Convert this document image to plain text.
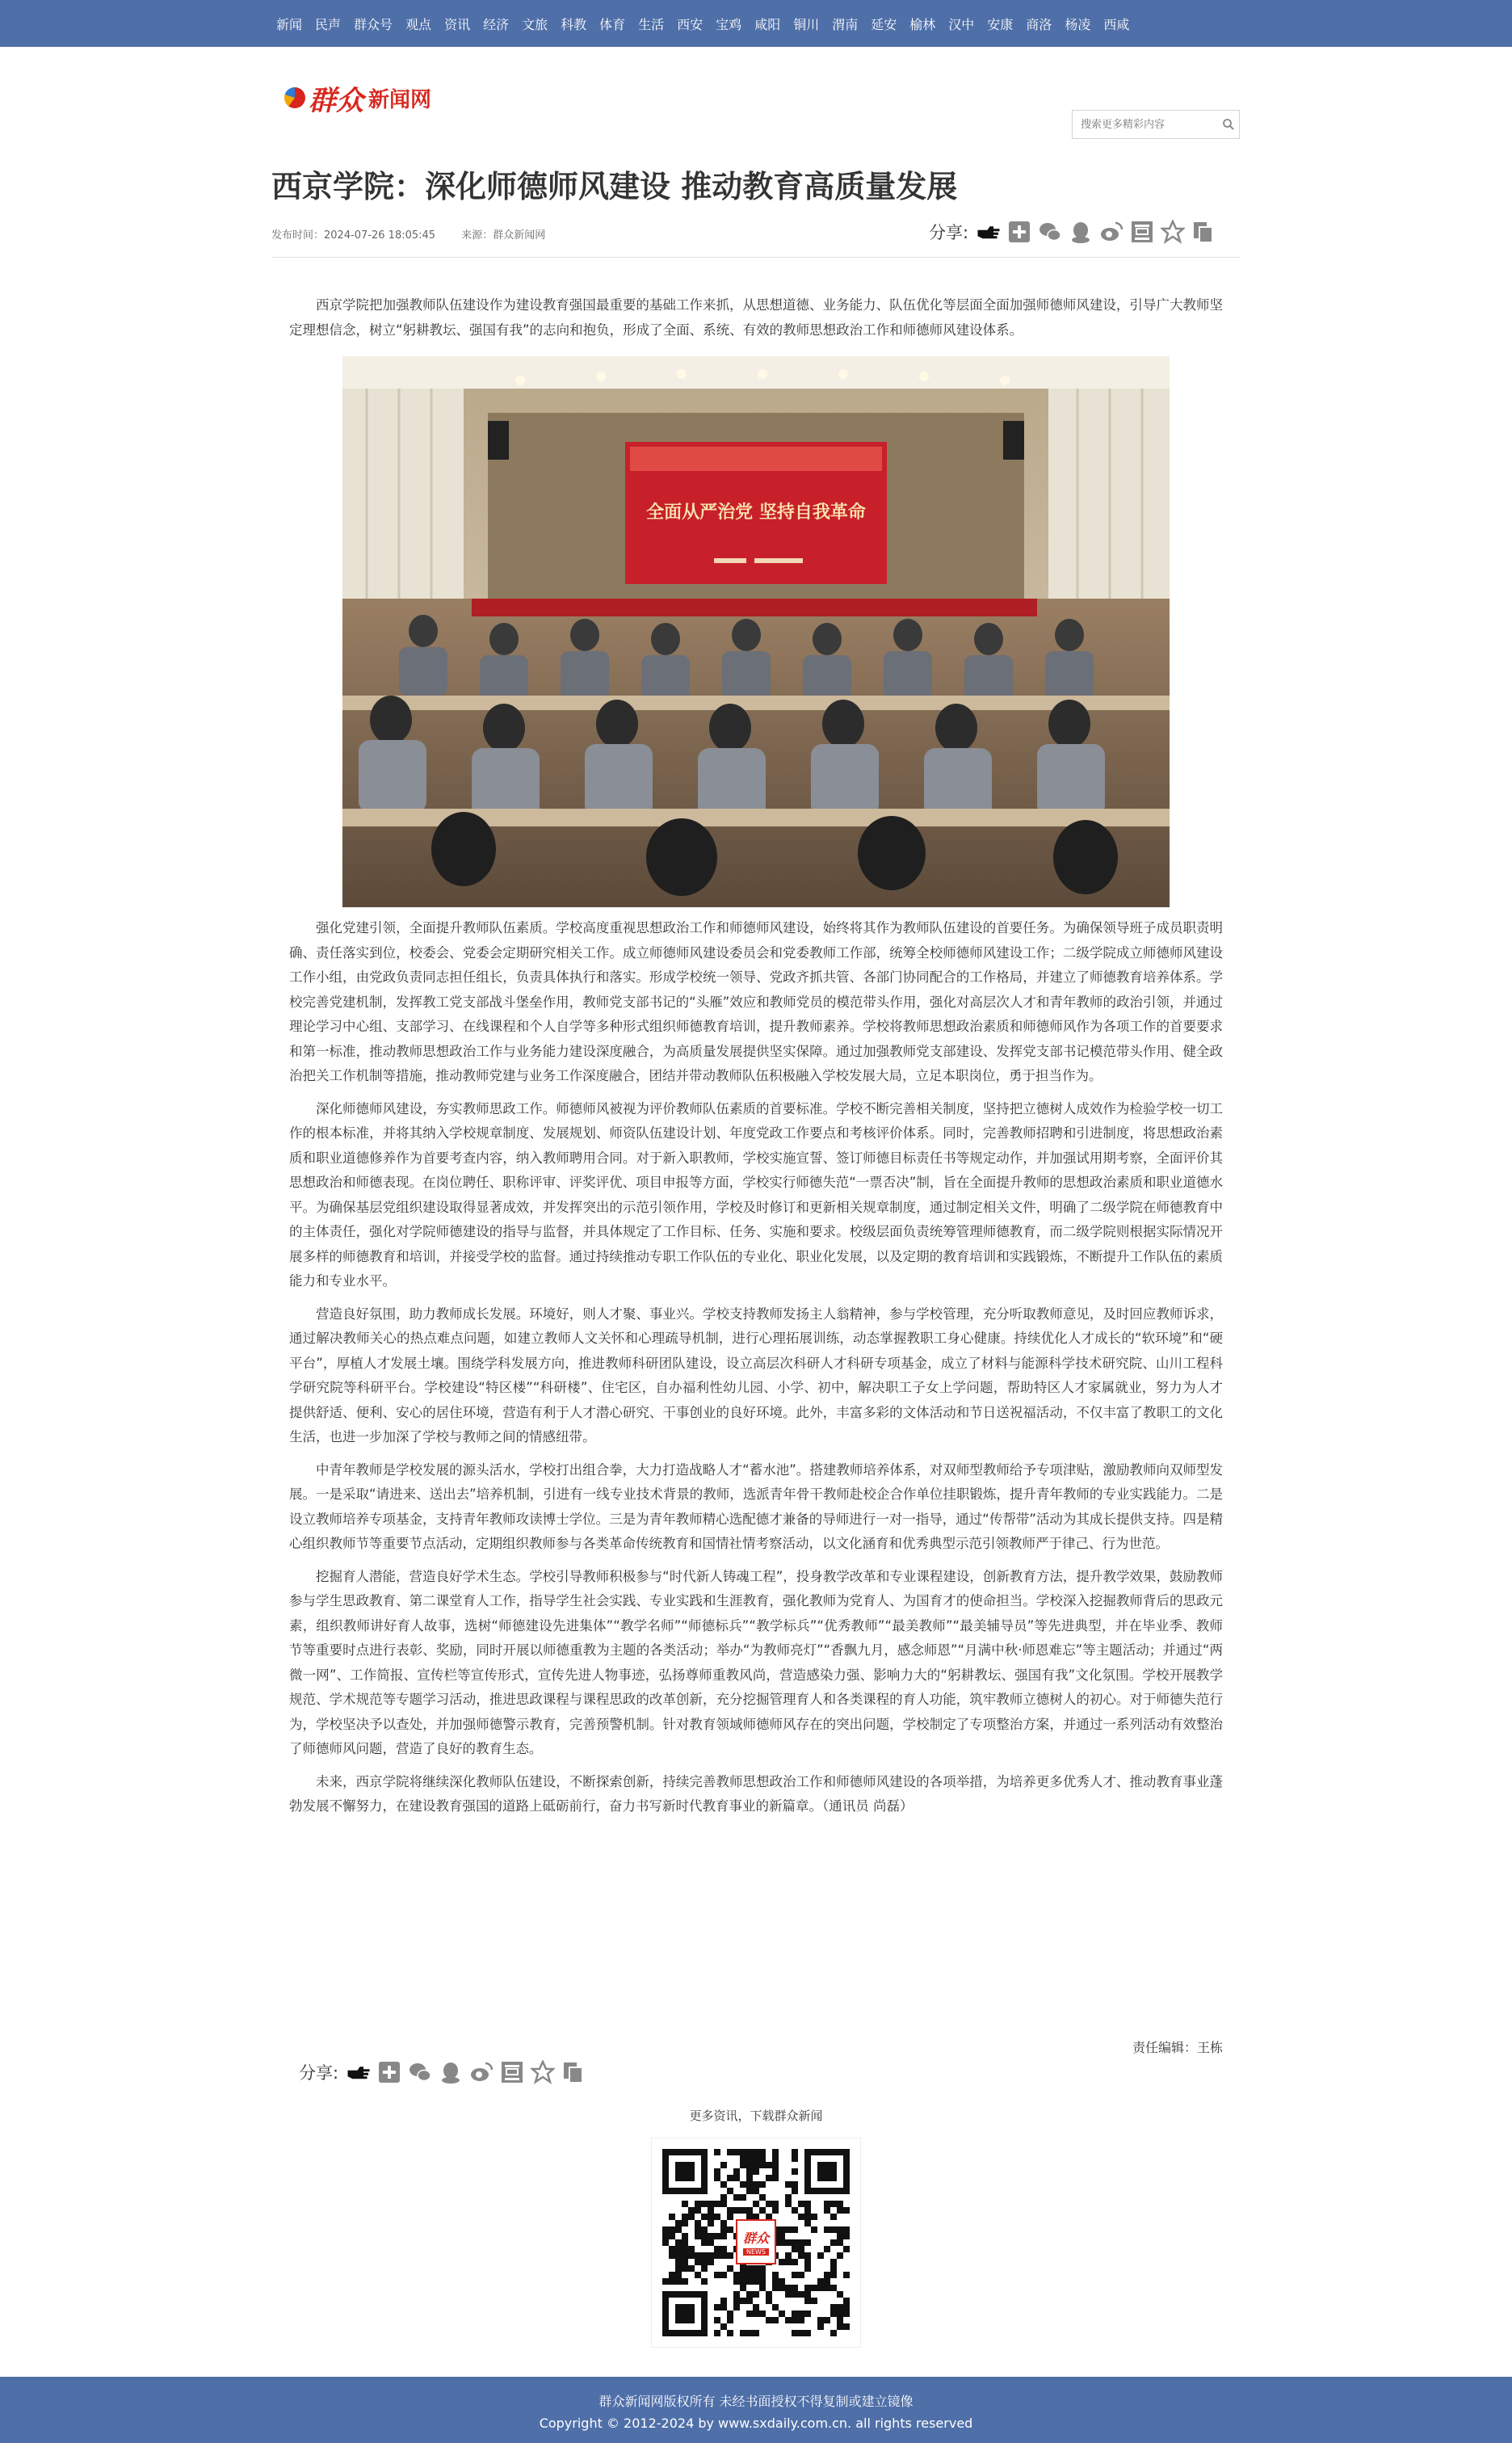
新闻 民声 群众号 观点 资讯 经济 文旅 科教 体育 生活 西安 宝鸡 咸阳 铜川 渭南 延安 榆林 汉中 安康 商洛 杨凌 西咸
群众 新闻网
搜索更多精彩内容
西京学院：深化师德师风建设 推动教育高质量发展
发布时间：2024-07-26 18:05:45 来源：群众新闻网	分享:

西京学院把加强教师队伍建设作为建设教育强国最重要的基础工作来抓，从思想道德、业务能力、队伍优化等层面全面加强师德师风建设，引导广大教师坚定理想信念，树立“躬耕教坛、强国有我”的志向和抱负，形成了全面、系统、有效的教师思想政治工作和师德师风建设体系。

全面从严治党 坚持自我革命

强化党建引领，全面提升教师队伍素质。学校高度重视思想政治工作和师德师风建设，始终将其作为教师队伍建设的首要任务。为确保领导班子成员职责明确、责任落实到位，校委会、党委会定期研究相关工作。成立师德师风建设委员会和党委教师工作部，统筹全校师德师风建设工作；二级学院成立师德师风建设工作小组，由党政负责同志担任组长，负责具体执行和落实。形成学校统一领导、党政齐抓共管、各部门协同配合的工作格局，并建立了师德教育培养体系。学校完善党建机制，发挥教工党支部战斗堡垒作用，教师党支部书记的“头雁”效应和教师党员的模范带头作用，强化对高层次人才和青年教师的政治引领，并通过理论学习中心组、支部学习、在线课程和个人自学等多种形式组织师德教育培训，提升教师素养。学校将教师思想政治素质和师德师风作为各项工作的首要要求和第一标准，推动教师思想政治工作与业务能力建设深度融合，为高质量发展提供坚实保障。通过加强教师党支部建设、发挥党支部书记模范带头作用、健全政治把关工作机制等措施，推动教师党建与业务工作深度融合，团结并带动教师队伍积极融入学校发展大局，立足本职岗位，勇于担当作为。

深化师德师风建设，夯实教师思政工作。师德师风被视为评价教师队伍素质的首要标准。学校不断完善相关制度，坚持把立德树人成效作为检验学校一切工作的根本标准，并将其纳入学校规章制度、发展规划、师资队伍建设计划、年度党政工作要点和考核评价体系。同时，完善教师招聘和引进制度，将思想政治素质和职业道德修养作为首要考查内容，纳入教师聘用合同。对于新入职教师，学校实施宣誓、签订师德目标责任书等规定动作，并加强试用期考察，全面评价其思想政治和师德表现。在岗位聘任、职称评审、评奖评优、项目申报等方面，学校实行师德失范“一票否决”制，旨在全面提升教师的思想政治素质和职业道德水平。为确保基层党组织建设取得显著成效，并发挥突出的示范引领作用，学校及时修订和更新相关规章制度，通过制定相关文件，明确了二级学院在师德教育中的主体责任，强化对学院师德建设的指导与监督，并具体规定了工作目标、任务、实施和要求。校级层面负责统筹管理师德教育，而二级学院则根据实际情况开展多样的师德教育和培训，并接受学校的监督。通过持续推动专职工作队伍的专业化、职业化发展，以及定期的教育培训和实践锻炼，不断提升工作队伍的素质能力和专业水平。

营造良好氛围，助力教师成长发展。环境好，则人才聚、事业兴。学校支持教师发扬主人翁精神，参与学校管理，充分听取教师意见，及时回应教师诉求，通过解决教师关心的热点难点问题，如建立教师人文关怀和心理疏导机制，进行心理拓展训练，动态掌握教职工身心健康。持续优化人才成长的“软环境”和“硬平台”，厚植人才发展土壤。围绕学科发展方向，推进教师科研团队建设，设立高层次科研人才科研专项基金，成立了材料与能源科学技术研究院、山川工程科学研究院等科研平台。学校建设“特区楼”“科研楼”、住宅区，自办福利性幼儿园、小学、初中，解决职工子女上学问题，帮助特区人才家属就业，努力为人才提供舒适、便利、安心的居住环境，营造有利于人才潜心研究、干事创业的良好环境。此外，丰富多彩的文体活动和节日送祝福活动，不仅丰富了教职工的文化生活，也进一步加深了学校与教师之间的情感纽带。

中青年教师是学校发展的源头活水，学校打出组合拳，大力打造战略人才“蓄水池”。搭建教师培养体系，对双师型教师给予专项津贴，激励教师向双师型发展。一是采取“请进来、送出去”培养机制，引进有一线专业技术背景的教师，选派青年骨干教师赴校企合作单位挂职锻炼，提升青年教师的专业实践能力。二是设立教师培养专项基金，支持青年教师攻读博士学位。三是为青年教师精心选配德才兼备的导师进行一对一指导，通过“传帮带”活动为其成长提供支持。四是精心组织教师节等重要节点活动，定期组织教师参与各类革命传统教育和国情社情考察活动，以文化涵育和优秀典型示范引领教师严于律己、行为世范。

挖掘育人潜能，营造良好学术生态。学校引导教师积极参与“时代新人铸魂工程”，投身教学改革和专业课程建设，创新教育方法，提升教学效果，鼓励教师参与学生思政教育、第二课堂育人工作，指导学生社会实践、专业实践和生涯教育，强化教师为党育人、为国育才的使命担当。学校深入挖掘教师背后的思政元素，组织教师讲好育人故事，选树“师德建设先进集体”“教学名师”“师德标兵”“教学标兵”“优秀教师”“最美教师”“最美辅导员”等先进典型，并在毕业季、教师节等重要时点进行表彰、奖励，同时开展以师德重教为主题的各类活动；举办“为教师亮灯”“香飘九月，感念师恩”“月满中秋·师恩难忘”等主题活动；并通过“两微一网”、工作简报、宣传栏等宣传形式，宣传先进人物事迹，弘扬尊师重教风尚，营造感染力强、影响力大的“躬耕教坛、强国有我”文化氛围。学校开展教学规范、学术规范等专题学习活动，推进思政课程与课程思政的改革创新，充分挖掘管理育人和各类课程的育人功能，筑牢教师立德树人的初心。对于师德失范行为，学校坚决予以查处，并加强师德警示教育，完善预警机制。针对教育领域师德师风存在的突出问题，学校制定了专项整治方案，并通过一系列活动有效整治了师德师风问题，营造了良好的教育生态。

未来，西京学院将继续深化教师队伍建设，不断探索创新，持续完善教师思想政治工作和师德师风建设的各项举措，为培养更多优秀人才、推动教育事业蓬勃发展不懈努力，在建设教育强国的道路上砥砺前行，奋力书写新时代教育事业的新篇章。（通讯员 尚磊）

责任编辑：王栋
分享:
更多资讯，下载群众新闻
群众
NEWS
群众新闻网版权所有 未经书面授权不得复制或建立镜像
Copyright © 2012-2024 by www.sxdaily.com.cn. all rights reserved
